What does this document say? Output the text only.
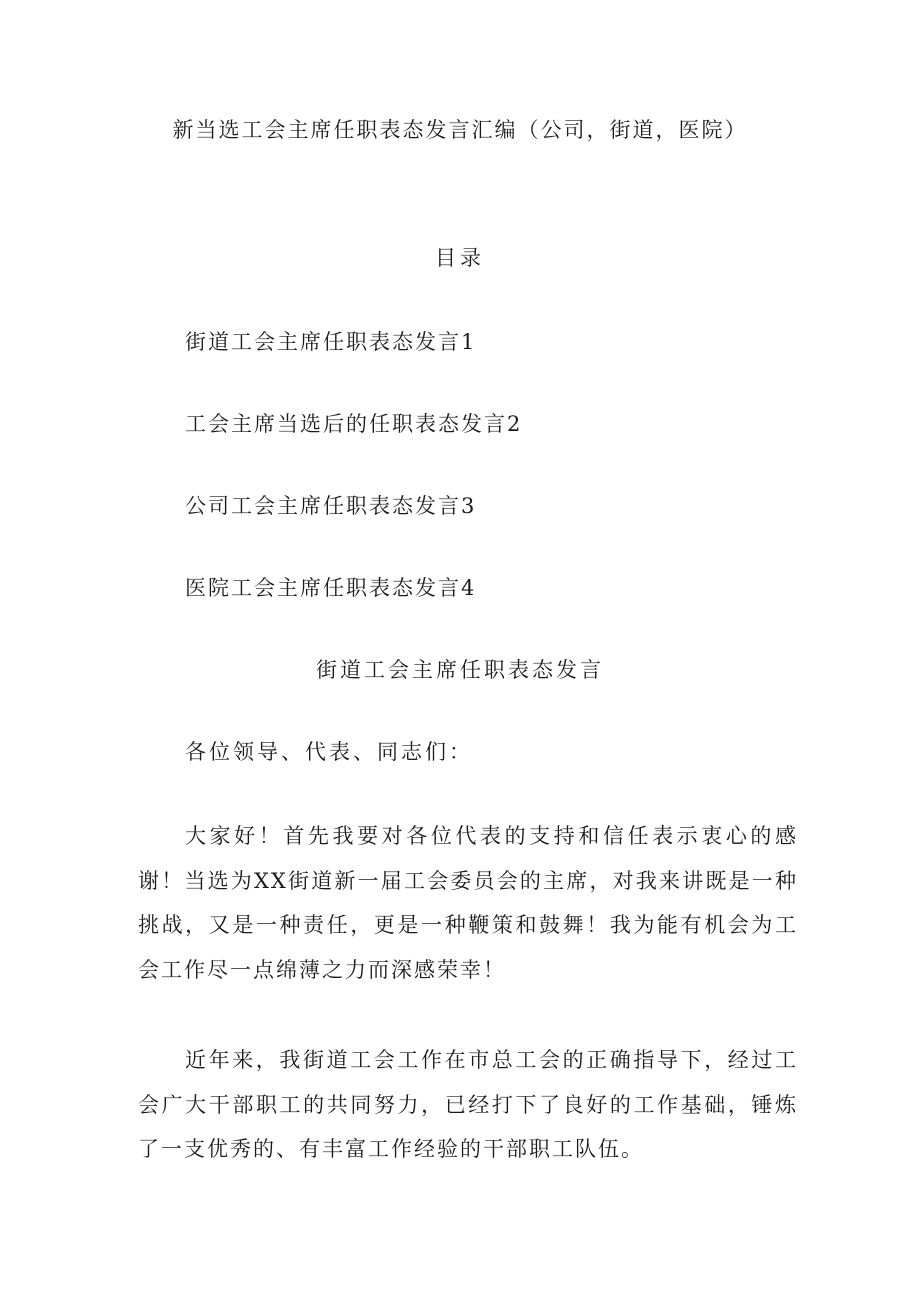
新当选工会主席任职表态发言汇编（公司，街道，医院）
目录
街道工会主席任职表态发言1
工会主席当选后的任职表态发言2
公司工会主席任职表态发言3
医院工会主席任职表态发言4
街道工会主席任职表态发言
各位领导、代表、同志们：

大家好！首先我要对各位代表的支持和信任表示衷心的感谢！当选为XX街道新一届工会委员会的主席，对我来讲既是一种挑战，又是一种责任，更是一种鞭策和鼓舞！我为能有机会为工会工作尽一点绵薄之力而深感荣幸！

近年来，我街道工会工作在市总工会的正确指导下，经过工会广大干部职工的共同努力，已经打下了良好的工作基础，锤炼了一支优秀的、有丰富工作经验的干部职工队伍。
